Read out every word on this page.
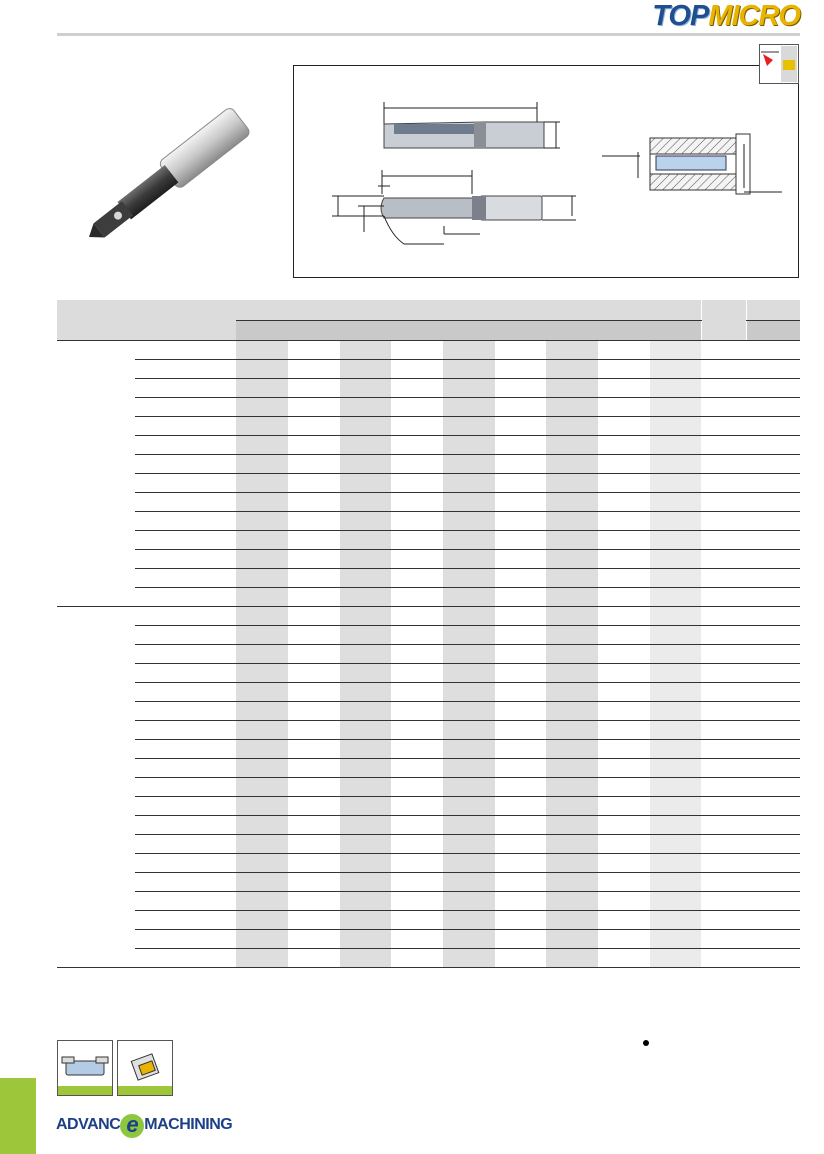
TOPMICRO

ADVANC e MACHINING
